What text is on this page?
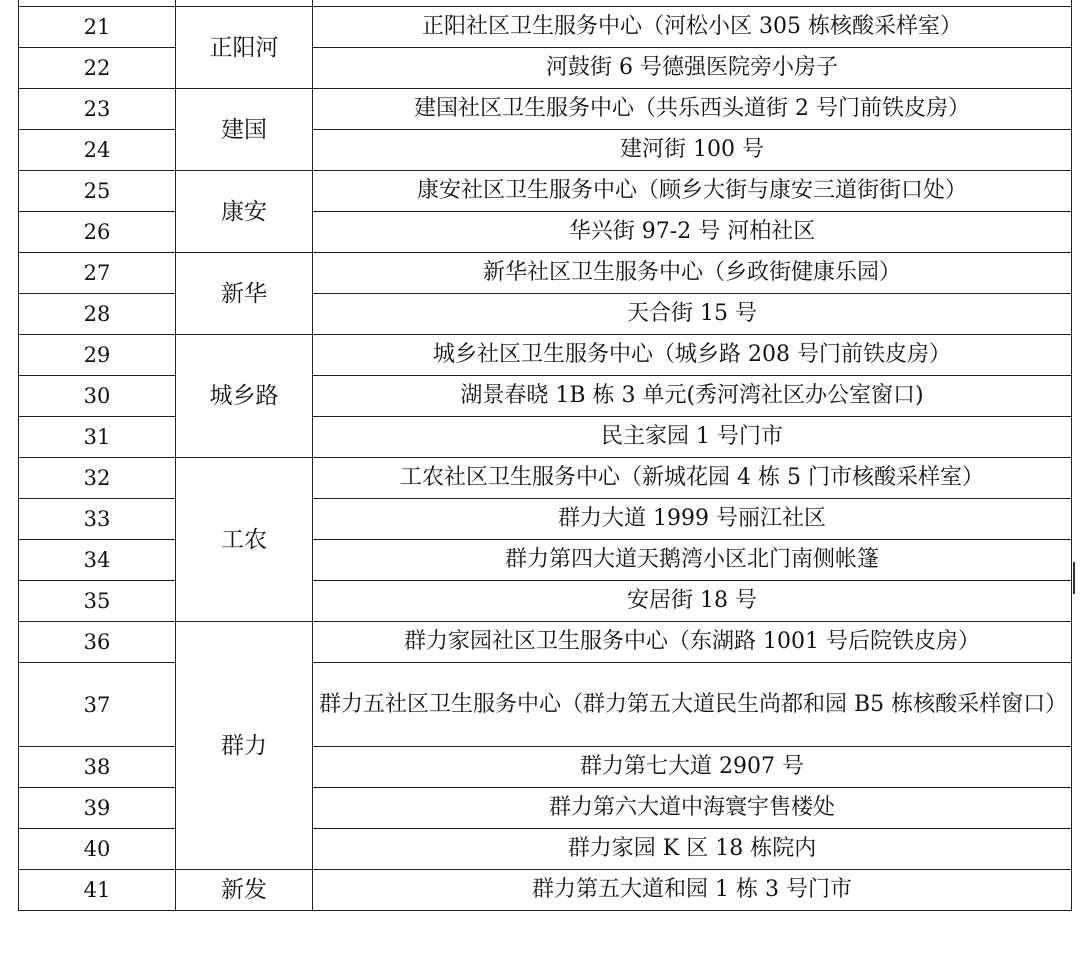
21	正阳河	正阳社区卫生服务中心（河松小区 305 栋核酸采样室）
22		河鼓街 6 号德强医院旁小房子
23	建国	建国社区卫生服务中心（共乐西头道街 2 号门前铁皮房）
24		建河街 100 号
25	康安	康安社区卫生服务中心（顾乡大街与康安三道街街口处）
26		华兴街 97-2 号 河柏社区
27	新华	新华社区卫生服务中心（乡政街健康乐园）
28		天合街 15 号
29	城乡路	城乡社区卫生服务中心（城乡路 208 号门前铁皮房）
30		湖景春晓 1B 栋 3 单元(秀河湾社区办公室窗口)
31		民主家园 1 号门市
32	工农	工农社区卫生服务中心（新城花园 4 栋 5 门市核酸采样室）
33		群力大道 1999 号丽江社区
34		群力第四大道天鹅湾小区北门南侧帐篷
35		安居街 18 号
36	群力	群力家园社区卫生服务中心（东湖路 1001 号后院铁皮房）
37		群力五社区卫生服务中心（群力第五大道民生尚都和园 B5 栋核酸采样窗口）
38		群力第七大道 2907 号
39		群力第六大道中海寰宇售楼处
40		群力家园 K 区 18 栋院内
41	新发	群力第五大道和园 1 栋 3 号门市
